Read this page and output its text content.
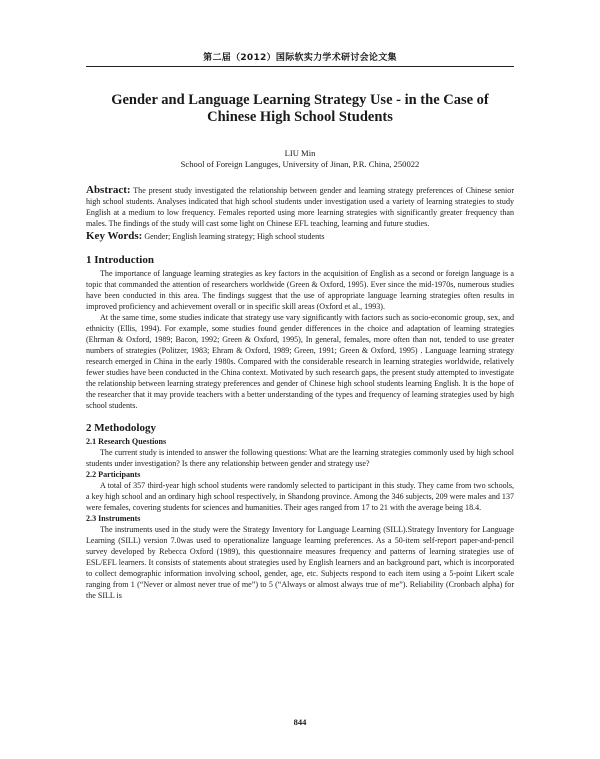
第二届（2012）国际软实力学术研讨会论文集
Gender and Language Learning Strategy Use - in the Case of Chinese High School Students
LIU Min
School of Foreign Languges, University of Jinan, P.R. China, 250022

Abstract: The present study investigated the relationship between gender and learning strategy preferences of Chinese senior high school students. Analyses indicated that high school students under investigation used a variety of learning strategies to study English at a medium to low frequency. Females reported using more learning strategies with significantly greater frequency than males. The findings of the study will cast some light on Chinese EFL teaching, learning and future studies.

Key Words: Gender; English learning strategy; High school students

1 Introduction

The importance of language learning strategies as key factors in the acquisition of English as a second or foreign language is a topic that commanded the attention of researchers worldwide (Green & Oxford, 1995). Ever since the mid-1970s, numerous studies have been conducted in this area. The findings suggest that the use of appropriate language learning strategies often results in improved proficiency and achievement overall or in specific skill areas (Oxford et al., 1993).

At the same time, some studies indicate that strategy use vary significantly with factors such as socio-economic group, sex, and ethnicity (Ellis, 1994). For example, some studies found gender differences in the choice and adaptation of learning strategies (Ehrman & Oxford, 1989; Bacon, 1992; Green & Oxford, 1995), In general, females, more often than not, tended to use greater numbers of strategies (Politzer, 1983; Ehram & Oxford, 1989; Green, 1991; Green & Oxford, 1995) . Language learning strategy research emerged in China in the early 1980s. Compared with the considerable research in learning strategies worldwide, relatively fewer studies have been conducted in the China context. Motivated by such research gaps, the present study attempted to investigate the relationship between learning strategy preferences and gender of Chinese high school students learning English. It is the hope of the researcher that it may provide teachers with a better understanding of the types and frequency of learning strategies used by high school students.

2 Methodology
2.1 Research Questions

The current study is intended to answer the following questions: What are the learning strategies commonly used by high school students under investigation? Is there any relationship between gender and strategy use?

2.2 Participants

A total of 357 third-year high school students were randomly selected to participant in this study. They came from two schools, a key high school and an ordinary high school respectively, in Shandong province. Among the 346 subjects, 209 were males and 137 were females, covering students for sciences and humanities. Their ages ranged from 17 to 21 with the average being 18.4.

2.3 Instruments

The instruments used in the study were the Strategy Inventory for Language Learning (SILL).Strategy Inventory for Language Learning (SILL) version 7.0was used to operationalize language learning preferences. As a 50-item self-report paper-and-pencil survey developed by Rebecca Oxford (1989), this questionnaire measures frequency and patterns of learning strategies use of ESL/EFL learners. It consists of statements about strategies used by English learners and an background part, which is incorporated to collect demographic information involving school, gender, age, etc. Subjects respond to each item using a 5-point Likert scale ranging from 1 (“Never or almost never true of me”) to 5 (“Always or almost always true of me”). Reliability (Cronbach alpha) for the SILL is

844
